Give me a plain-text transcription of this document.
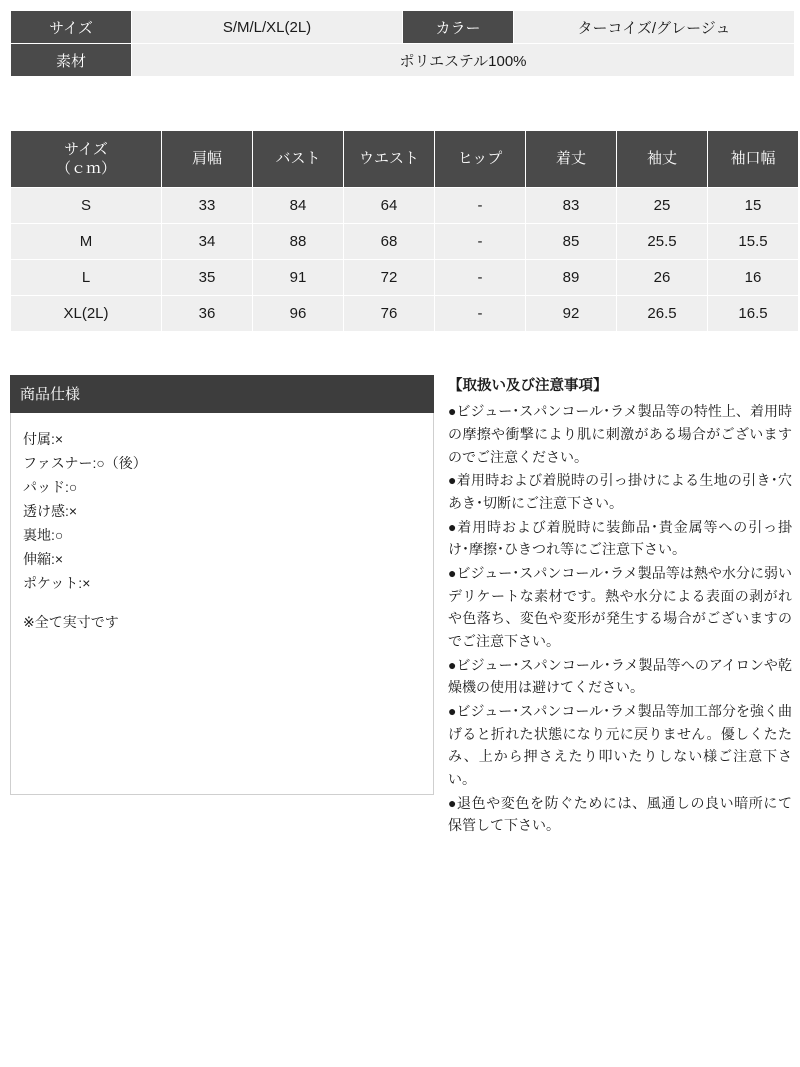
サイズ	S/M/L/XL(2L)	カラー	ターコイズ/グレージュ
素材	ポリエステル100%		
サイズ
（ｃｍ）	肩幅	バスト	ウエスト	ヒップ	着丈	袖丈	袖口幅
S	33	84	64	-	83	25	15
M	34	88	68	-	85	25.5	15.5
L	35	91	72	-	89	26	16
XL(2L)	36	96	76	-	92	26.5	16.5
商品仕様
付属:×
ファスナー:○（後）
パッド:○
透け感:×
裏地:○
伸縮:×
ポケット:×
※全て実寸です
【取扱い及び注意事項】
●ビジュー･スパンコール･ラメ製品等の特性上、着用時の摩擦や衝撃により肌に刺激がある場合がございますのでご注意ください。
●着用時および着脱時の引っ掛けによる生地の引き･穴あき･切断にご注意下さい。
●着用時および着脱時に装飾品･貴金属等への引っ掛け･摩擦･ひきつれ等にご注意下さい。
●ビジュー･スパンコール･ラメ製品等は熱や水分に弱いデリケートな素材です。熱や水分による表面の剥がれや色落ち、変色や変形が発生する場合がございますのでご注意下さい。
●ビジュー･スパンコール･ラメ製品等へのアイロンや乾燥機の使用は避けてください。
●ビジュー･スパンコール･ラメ製品等加工部分を強く曲げると折れた状態になり元に戻りません。優しくたたみ、上から押さえたり叩いたりしない様ご注意下さい。
●退色や変色を防ぐためには、風通しの良い暗所にて保管して下さい。
